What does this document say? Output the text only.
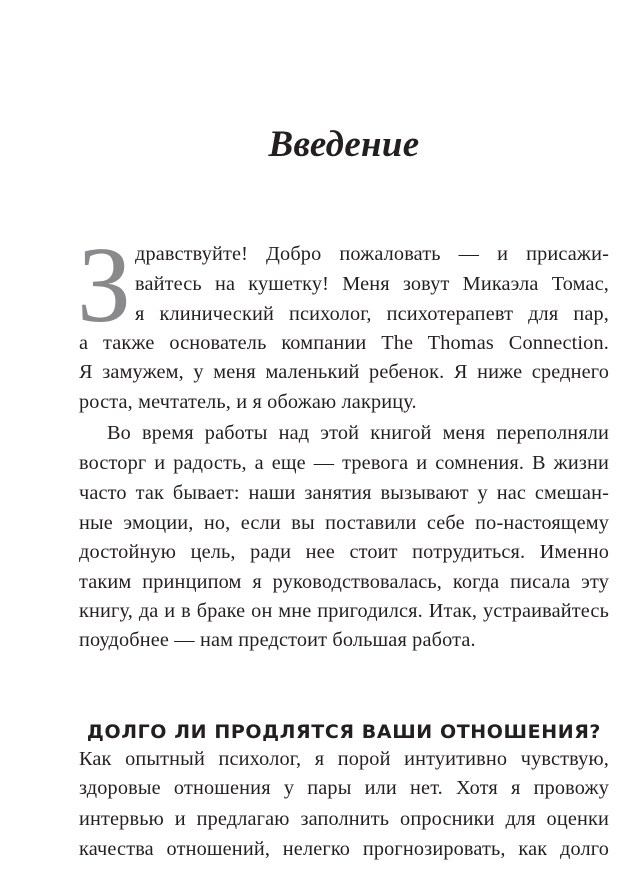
Введение
З дравствуйте! Добро пожаловать — и присажи-
вайтесь на кушетку! Меня зовут Микаэла Томас,
я клинический психолог, психотерапевт для пар,
а также основатель компании The Thomas Connection.
Я замужем, у меня маленький ребенок. Я ниже среднего
роста, мечтатель, и я обожаю лакрицу.
Во время работы над этой книгой меня переполняли
восторг и радость, а еще — тревога и сомнения. В жизни
часто так бывает: наши занятия вызывают у нас смешан-
ные эмоции, но, если вы поставили себе по-настоящему
достойную цель, ради нее стоит потрудиться. Именно
таким принципом я руководствовалась, когда писала эту
книгу, да и в браке он мне пригодился. Итак, устраивайтесь
поудобнее — нам предстоит большая работа.
ДОЛГО ЛИ ПРОДЛЯТСЯ ВАШИ ОТНОШЕНИЯ?
Как опытный психолог, я порой интуитивно чувствую,
здоровые отношения у пары или нет. Хотя я провожу
интервью и предлагаю заполнить опросники для оценки
качества отношений, нелегко прогнозировать, как долго
